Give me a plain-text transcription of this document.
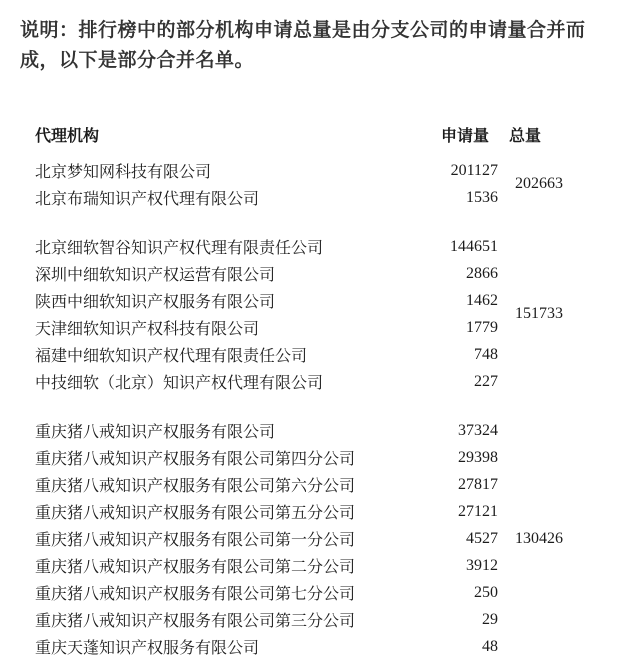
说明：排行榜中的部分机构申请总量是由分支公司的申请量合并而成，以下是部分合并名单。

代理机构	申请量	总量
北京梦知网科技有限公司	201127
北京布瑞知识产权代理有限公司	1536
202663
北京细软智谷知识产权代理有限责任公司	144651
深圳中细软知识产权运营有限公司	2866
陕西中细软知识产权服务有限公司	1462
天津细软知识产权科技有限公司	1779
福建中细软知识产权代理有限责任公司	748
中技细软（北京）知识产权代理有限公司	227
151733
重庆猪八戒知识产权服务有限公司	37324
重庆猪八戒知识产权服务有限公司第四分公司	29398
重庆猪八戒知识产权服务有限公司第六分公司	27817
重庆猪八戒知识产权服务有限公司第五分公司	27121
重庆猪八戒知识产权服务有限公司第一分公司	4527
重庆猪八戒知识产权服务有限公司第二分公司	3912
重庆猪八戒知识产权服务有限公司第七分公司	250
重庆猪八戒知识产权服务有限公司第三分公司	29
重庆天蓬知识产权服务有限公司	48
130426
